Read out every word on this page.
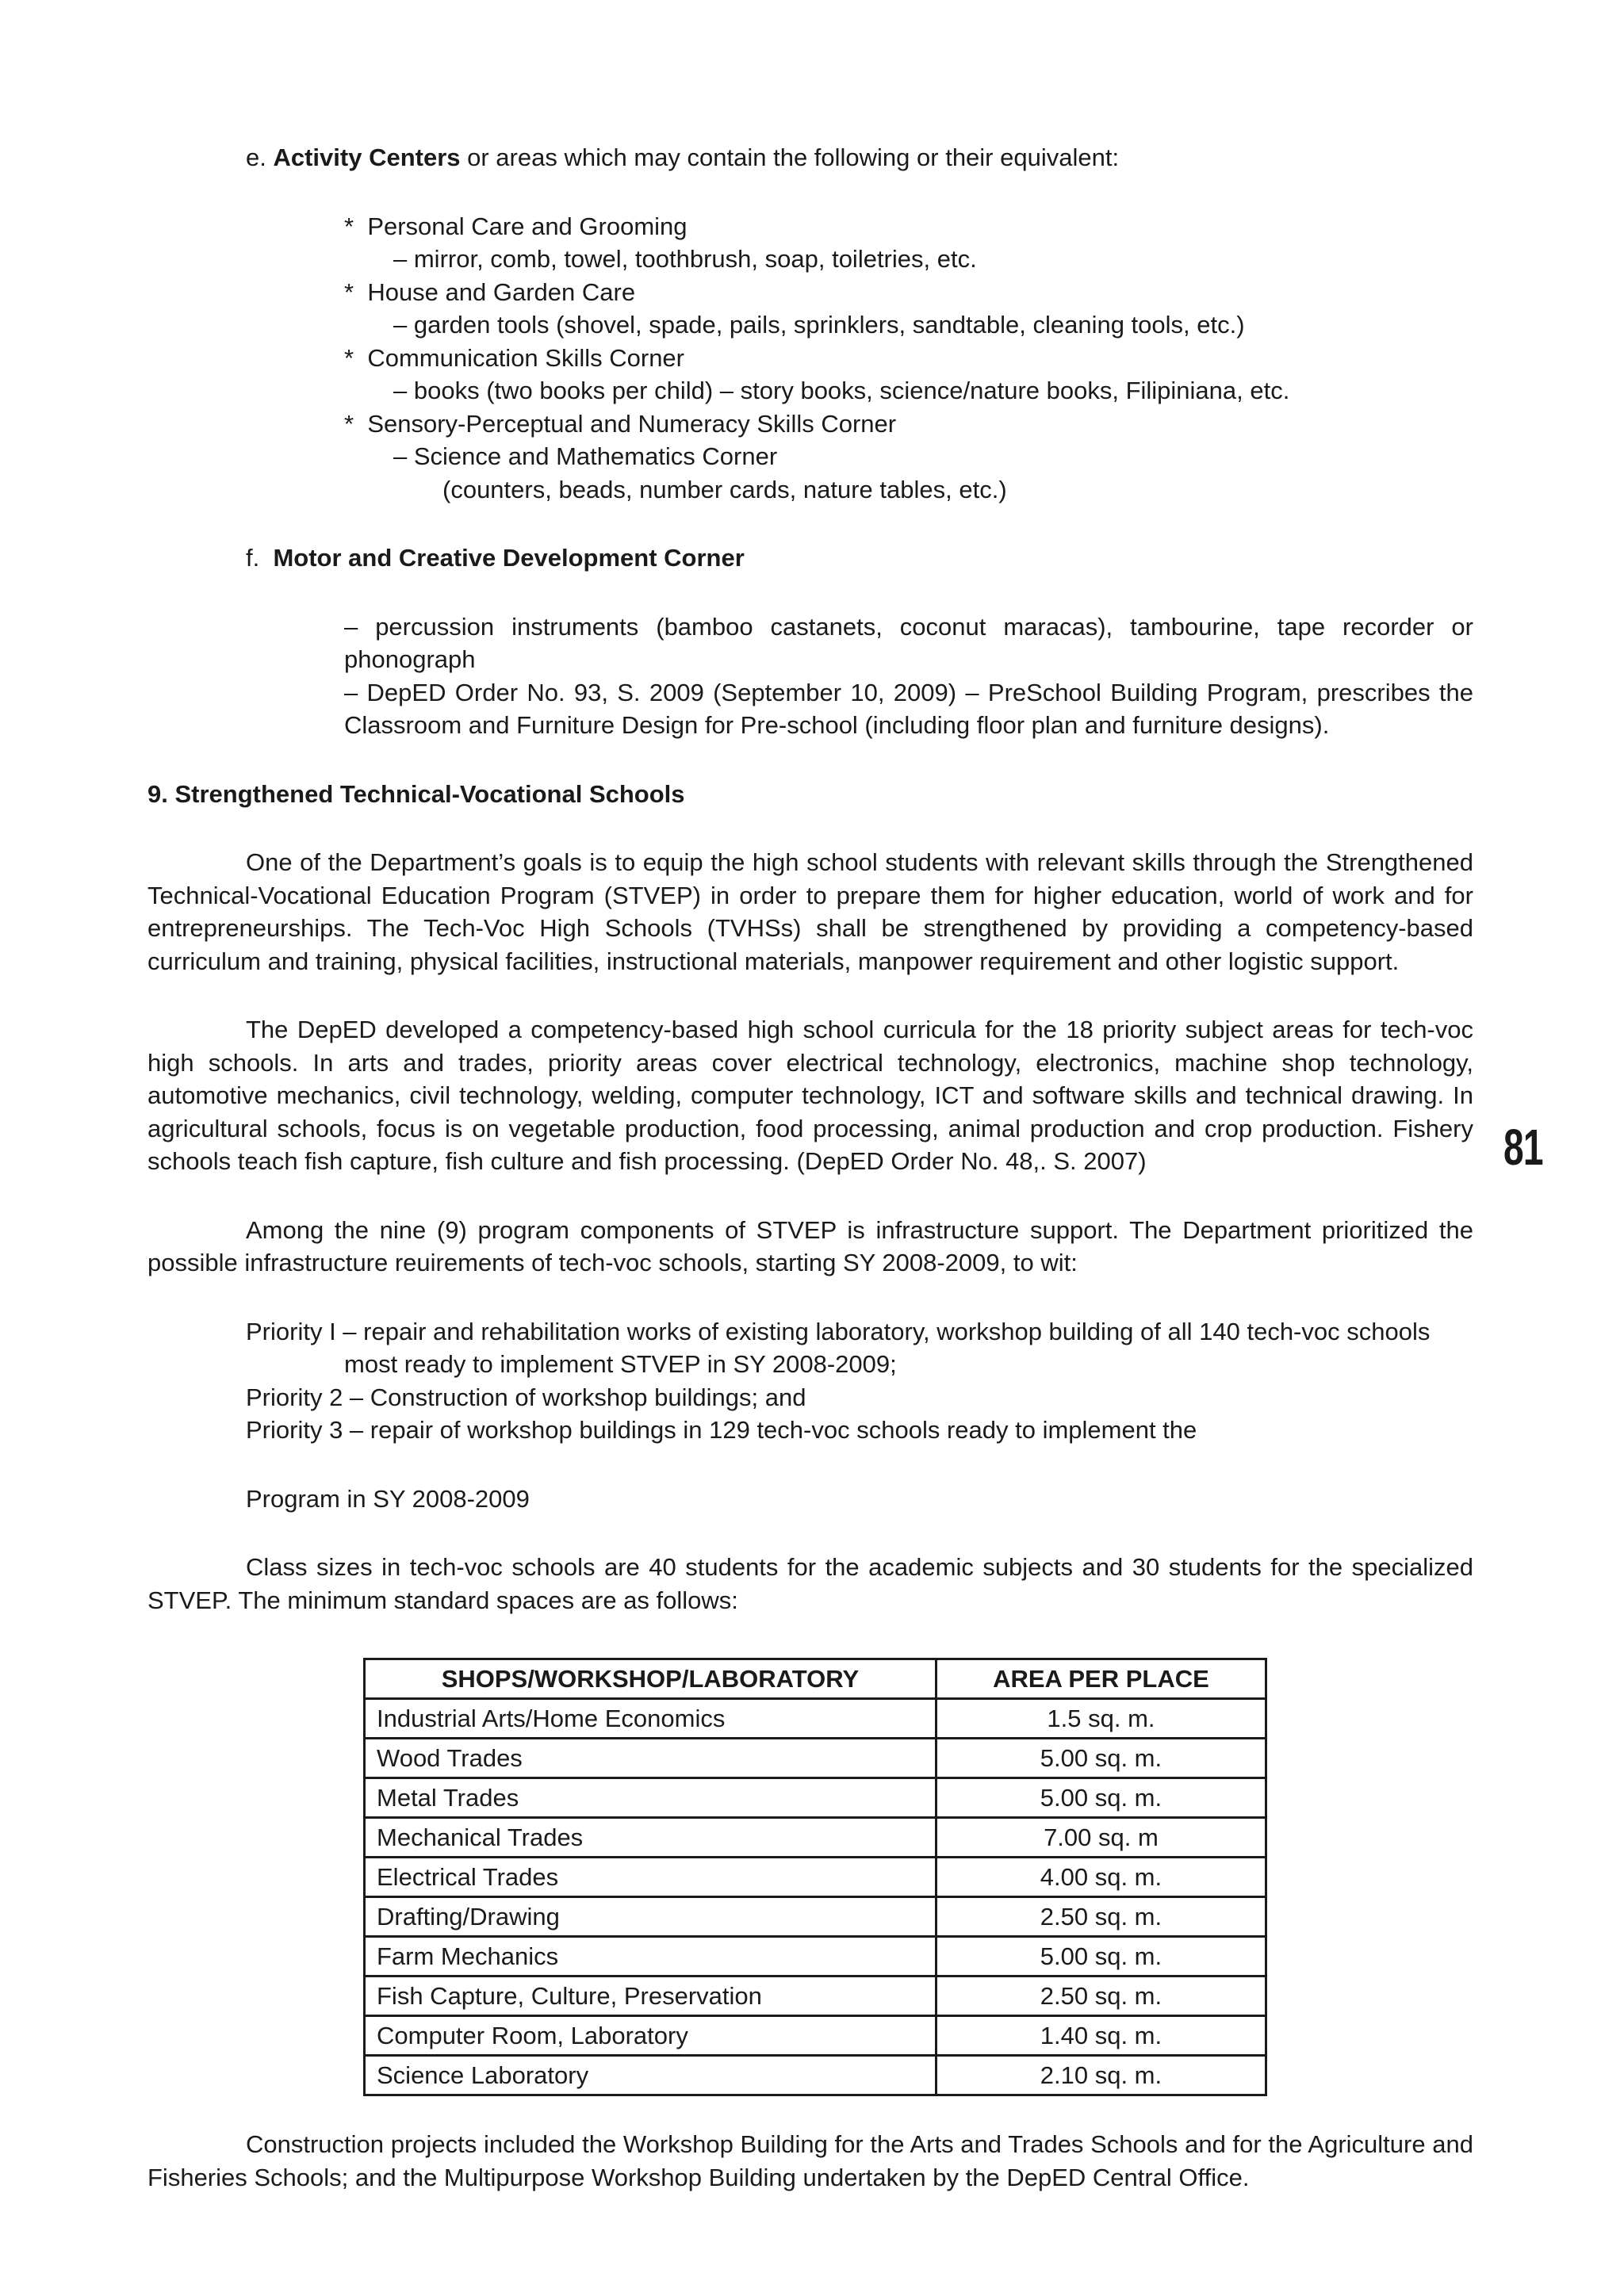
81

e. Activity Centers or areas which may contain the following or their equivalent:

* Personal Care and Grooming

– mirror, comb, towel, toothbrush, soap, toiletries, etc.

* House and Garden Care

– garden tools (shovel, spade, pails, sprinklers, sandtable, cleaning tools, etc.)

* Communication Skills Corner

– books (two books per child) – story books, science/nature books, Filipiniana, etc.

* Sensory-Perceptual and Numeracy Skills Corner

– Science and Mathematics Corner

(counters, beads, number cards, nature tables, etc.)

f. Motor and Creative Development Corner

– percussion instruments (bamboo castanets, coconut maracas), tambourine, tape recorder or phonograph

– DepED Order No. 93, S. 2009 (September 10, 2009) – PreSchool Building Program, prescribes the Classroom and Furniture Design for Pre-school (including floor plan and furniture designs).

9. Strengthened Technical-Vocational Schools

One of the Department’s goals is to equip the high school students with relevant skills through the Strengthened Technical-Vocational Education Program (STVEP) in order to prepare them for higher education, world of work and for entrepreneurships. The Tech-Voc High Schools (TVHSs) shall be strengthened by providing a competency-based curriculum and training, physical facilities, instructional materials, manpower requirement and other logistic support.

The DepED developed a competency-based high school curricula for the 18 priority subject areas for tech-voc high schools. In arts and trades, priority areas cover electrical technology, electronics, machine shop technology, automotive mechanics, civil technology, welding, computer technology, ICT and software skills and technical drawing. In agricultural schools, focus is on vegetable production, food processing, animal production and crop production. Fishery schools teach fish capture, fish culture and fish processing. (DepED Order No. 48,. S. 2007)

Among the nine (9) program components of STVEP is infrastructure support. The Department prioritized the possible infrastructure reuirements of tech-voc schools, starting SY 2008-2009, to wit:

Priority I – repair and rehabilitation works of existing laboratory, workshop building of all 140 tech-voc schools

most ready to implement STVEP in SY 2008-2009;

Priority 2 – Construction of workshop buildings; and

Priority 3 – repair of workshop buildings in 129 tech-voc schools ready to implement the

Program in SY 2008-2009

Class sizes in tech-voc schools are 40 students for the academic subjects and 30 students for the specialized STVEP. The minimum standard spaces are as follows:

SHOPS/WORKSHOP/LABORATORY	AREA PER PLACE
Industrial Arts/Home Economics	1.5 sq. m.
Wood Trades	5.00 sq. m.
Metal Trades	5.00 sq. m.
Mechanical Trades	7.00 sq. m
Electrical Trades	4.00 sq. m.
Drafting/Drawing	2.50 sq. m.
Farm Mechanics	5.00 sq. m.
Fish Capture, Culture, Preservation	2.50 sq. m.
Computer Room, Laboratory	1.40 sq. m.
Science Laboratory	2.10 sq. m.

Construction projects included the Workshop Building for the Arts and Trades Schools and for the Agriculture and Fisheries Schools; and the Multipurpose Workshop Building undertaken by the DepED Central Office.
